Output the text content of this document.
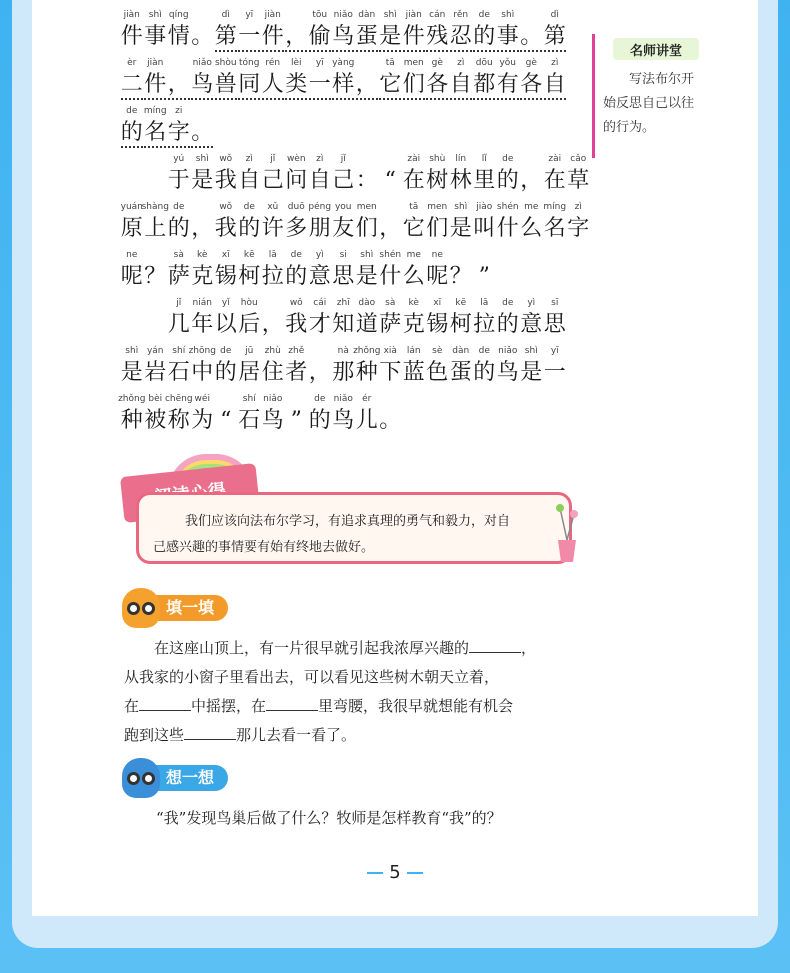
jiàn
件
shì
事
qíng
情 。
dì
第
yī
一
jiàn
件 ，
tōu
偷
niǎo
鸟
dàn
蛋
shì
是
jiàn
件
cán
残
rěn
忍
de
的
shì
事 。
dì
第
èr
二
jiàn
件 ，
niǎo
鸟
shòu
兽
tóng
同
rén
人
lèi
类
yī
一
yàng
样 ，
tā
它
men
们
gè
各
zì
自
dōu
都
yǒu
有
gè
各
zì
自
de
的
míng
名
zi
字 。
yú
于
shì
是
wǒ
我
zì
自
jǐ
己
wèn
问
zì
自
jǐ
己 ： “
zài
在
shù
树
lín
林
lǐ
里
de
的 ，
zài
在
cǎo
草
yuán
原
shàng
上
de
的 ，
wǒ
我
de
的
xǔ
许
duō
多
péng
朋
you
友
men
们 ，
tā
它
men
们
shì
是
jiào
叫
shén
什
me
么
míng
名
zì
字
ne
呢 ？
sà
萨
kè
克
xī
锡
kē
柯
lā
拉
de
的
yì
意
si
思
shì
是
shén
什
me
么
ne
呢 ？ ”
jǐ
几
nián
年
yǐ
以
hòu
后 ，
wǒ
我
cái
才
zhī
知
dào
道
sà
萨
kè
克
xī
锡
kē
柯
lā
拉
de
的
yì
意
sī
思
shì
是
yán
岩
shí
石
zhōng
中
de
的
jū
居
zhù
住
zhě
者 ，
nà
那
zhǒng
种
xià
下
lán
蓝
sè
色
dàn
蛋
de
的
niǎo
鸟
shì
是
yī
一
zhǒng
种
bèi
被
chēng
称
wéi
为 “
shí
石
niǎo
鸟 ”
de
的
niǎo
鸟
ér
儿 。
名师讲堂
写法布尔开始反思自己以往的行为。
我们应该向法布尔学习，有追求真理的勇气和毅力，对自
己感兴趣的事情要有始有终地去做好。
填一填
在这座山顶上，有一片很早就引起我浓厚兴趣的	，
从我家的小窗子里看出去，可以看见这些树木朝天立着，
在	中摇摆，在	里弯腰，我很早就想能有机会
跑到这些	那儿去看一看了。
想一想
“我”发现鸟巢后做了什么？牧师是怎样教育“我”的？
5
